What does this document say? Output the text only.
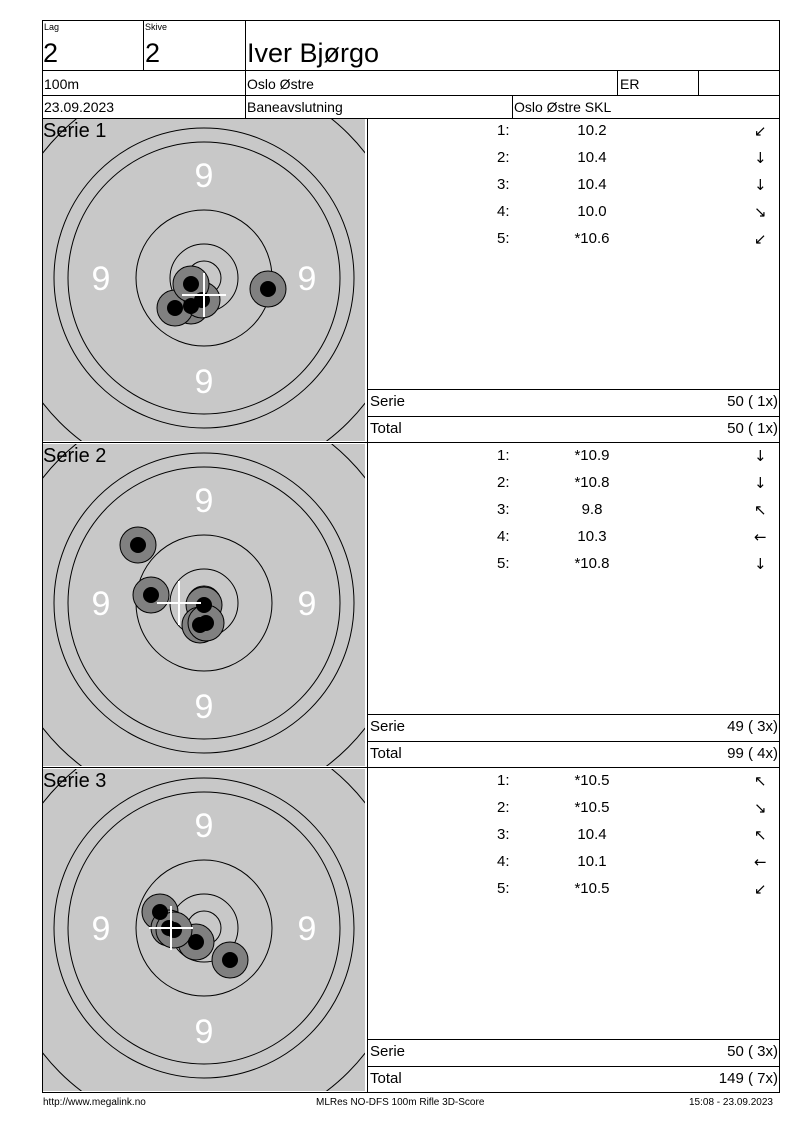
Lag
2
Skive
2	Iver Bjørgo
100m	Oslo Østre	ER
23.09.2023	Baneavslutning	Oslo Østre SKL
9
9	9
9
Serie 1	1:	10.2	↙
2:	10.4	↓
3:	10.4	↓
4:	10.0	↘
5:	*10.6	↙
Serie	50 ( 1x)
Total	50 ( 1x)
9
9	9
9
Serie 2	1:	*10.9	↓
2:	*10.8	↓
3:	9.8	↖
4:	10.3	←
5:	*10.8	↓
Serie	49 ( 3x)
Total	99 ( 4x)
9
9	9
9
Serie 3	1:	*10.5	↖
2:	*10.5	↘
3:	10.4	↖
4:	10.1	←
5:	*10.5	↙
Serie	50 ( 3x)
Total	149 ( 7x)
http://www.megalink.no	MLRes NO-DFS 100m Rifle 3D-Score	15:08 - 23.09.2023
